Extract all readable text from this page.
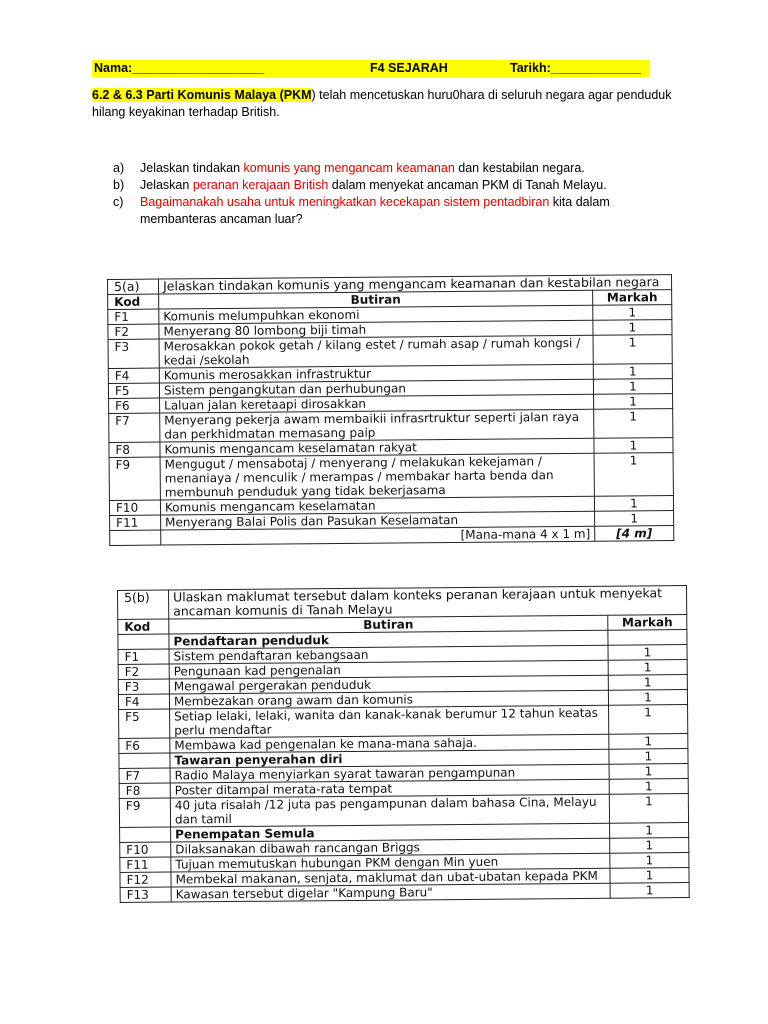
Nama:___________________	F4 SEJARAH	Tarikh:_____________
6.2 & 6.3 Parti Komunis Malaya (PKM) telah mencetuskan huru0hara di seluruh negara agar penduduk hilang keyakinan terhadap British.
a) Jelaskan tindakan komunis yang mengancam keamanan dan kestabilan negara.
b) Jelaskan peranan kerajaan British dalam menyekat ancaman PKM di Tanah Melayu.
c) Bagaimanakah usaha untuk meningkatkan kecekapan sistem pentadbiran kita dalam membanteras ancaman luar?
5(a)	Jelaskan tindakan komunis yang mengancam keamanan dan kestabilan negara	
Kod	Butiran	Markah
F1	Komunis melumpuhkan ekonomi	1
F2	Menyerang 80 lombong biji timah	1
F3	Merosakkan pokok getah / kilang estet / rumah asap / rumah kongsi / kedai /sekolah	1
F4	Komunis merosakkan infrastruktur	1
F5	Sistem pengangkutan dan perhubungan	1
F6	Laluan jalan keretaapi dirosakkan	1
F7	Menyerang pekerja awam membaikii infrasrtruktur seperti jalan raya dan perkhidmatan memasang paip	1
F8	Komunis mengancam keselamatan rakyat	1
F9	Mengugut / mensabotaj / menyerang / melakukan kekejaman / menaniaya / menculik / merampas / membakar harta benda dan membunuh penduduk yang tidak bekerjasama	1
F10	Komunis mengancam keselamatan	1
F11	Menyerang Balai Polis dan Pasukan Keselamatan	1
	[Mana-mana 4 x 1 m]	[4 m]
5(b)	Ulaskan maklumat tersebut dalam konteks peranan kerajaan untuk menyekat ancaman komunis di Tanah Melayu	
Kod	Butiran	Markah
	Pendaftaran penduduk	
F1	Sistem pendaftaran kebangsaan	1
F2	Pengunaan kad pengenalan	1
F3	Mengawal pergerakan penduduk	1
F4	Membezakan orang awam dan komunis	1
F5	Setiap lelaki, lelaki, wanita dan kanak-kanak berumur 12 tahun keatas perlu mendaftar	1
F6	Membawa kad pengenalan ke mana-mana sahaja.	1
	Tawaran penyerahan diri	1
F7	Radio Malaya menyiarkan syarat tawaran pengampunan	1
F8	Poster ditampal merata-rata tempat	1
F9	40 juta risalah /12 juta pas pengampunan dalam bahasa Cina, Melayu dan tamil	1
	Penempatan Semula	1
F10	Dilaksanakan dibawah rancangan Briggs	1
F11	Tujuan memutuskan hubungan PKM dengan Min yuen	1
F12	Membekal makanan, senjata, maklumat dan ubat-ubatan kepada PKM	1
F13	Kawasan tersebut digelar "Kampung Baru"	1
